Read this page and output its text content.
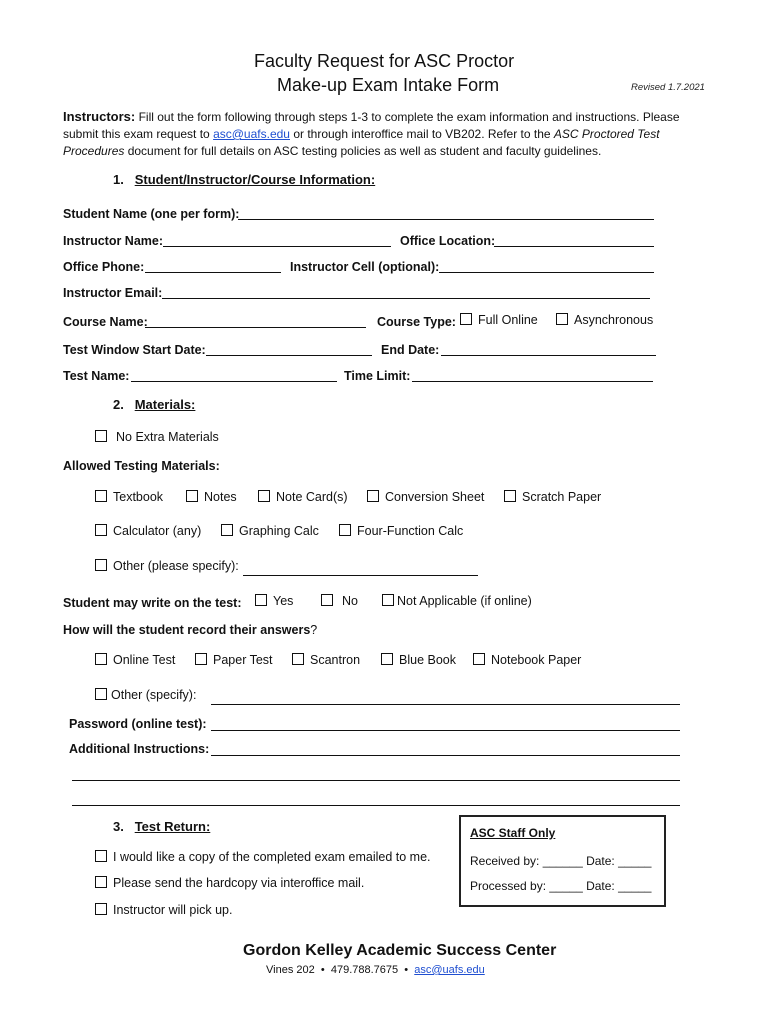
Faculty Request for ASC Proctor
Make-up Exam Intake Form	Revised 1.7.2021
Instructors: Fill out the form following through steps 1-3 to complete the exam information and instructions. Please submit this exam request to asc@uafs.edu or through interoffice mail to VB202. Refer to the ASC Proctored Test Procedures document for full details on ASC testing policies as well as student and faculty guidelines.
1. Student/Instructor/Course Information:
Student Name (one per form):
Instructor Name:	Office Location:
Office Phone:	Instructor Cell (optional):
Instructor Email:
Course Name:	Course Type:	Full Online	Asynchronous
Test Window Start Date:	End Date:
Test Name:	Time Limit:
2. Materials:
No Extra Materials
Allowed Testing Materials:
Textbook	Notes	Note Card(s)	Conversion Sheet	Scratch Paper
Calculator (any)	Graphing Calc	Four-Function Calc
Other (please specify):
Student may write on the test:	Yes	No	Not Applicable (if online)
How will the student record their answers?
Online Test	Paper Test	Scantron	Blue Book	Notebook Paper
Other (specify):
Password (online test):
Additional Instructions:
3. Test Return:
I would like a copy of the completed exam emailed to me.
Please send the hardcopy via interoffice mail.
Instructor will pick up.
ASC Staff Only
Received by: ______ Date: _____
Processed by: _____ Date: _____
Gordon Kelley Academic Success Center
Vines 202 • 479.788.7675 • asc@uafs.edu
